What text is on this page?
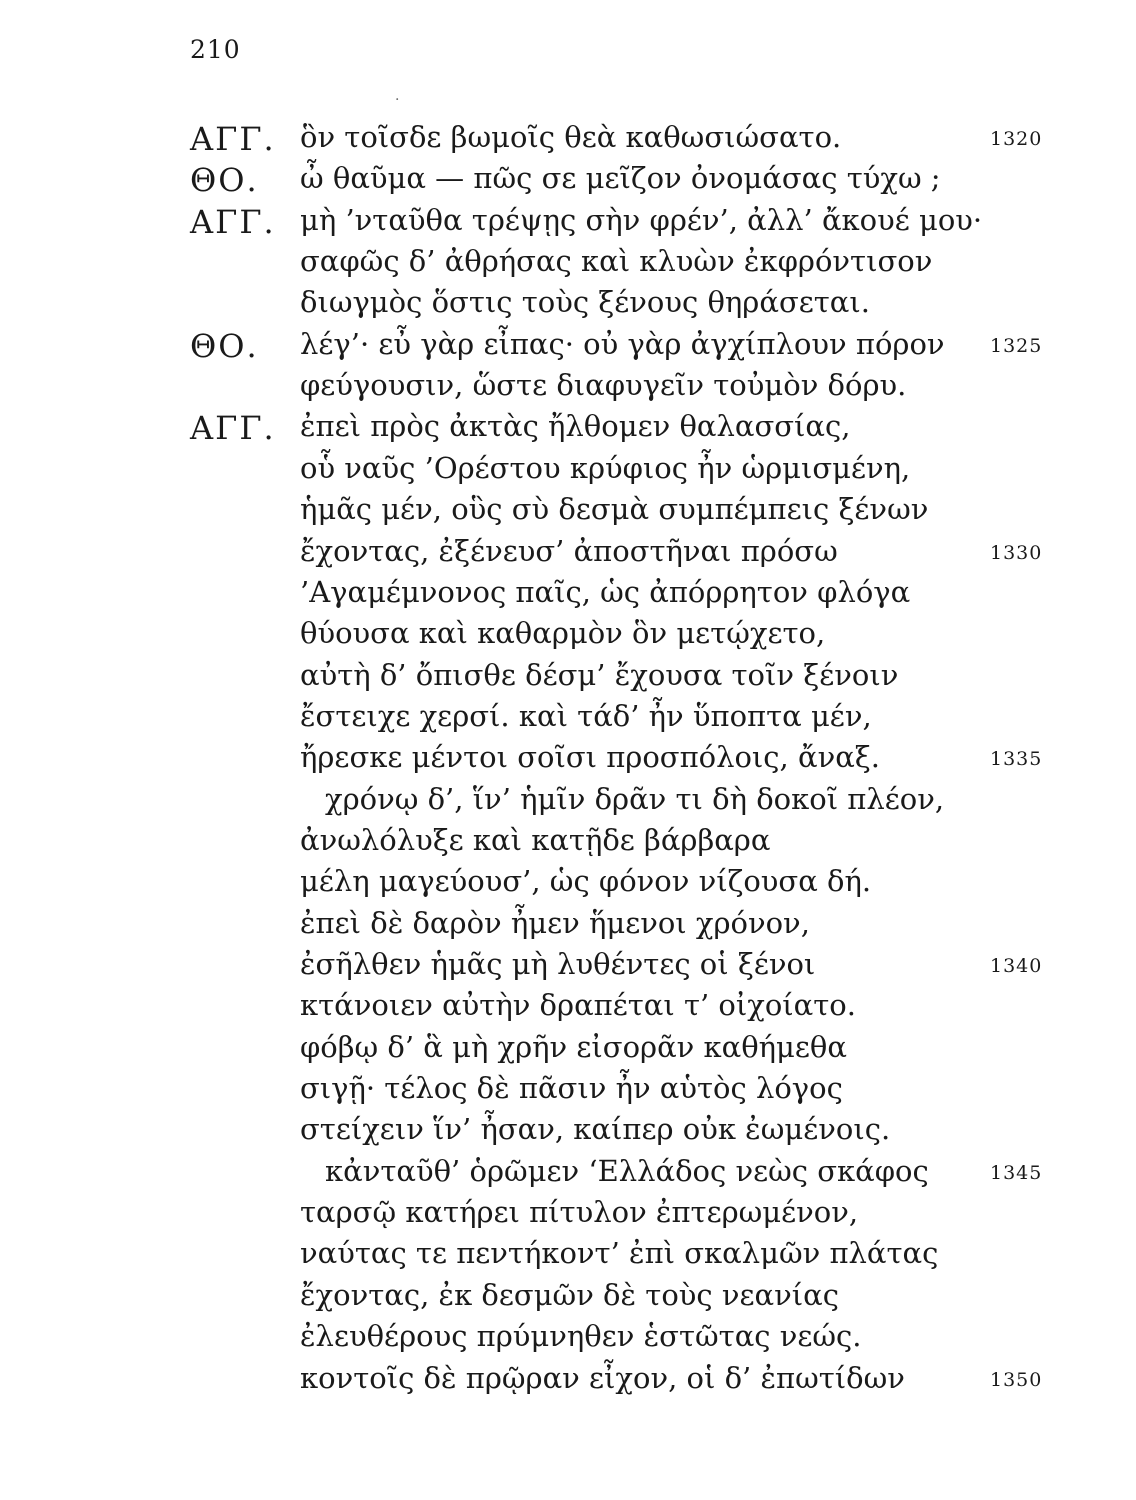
210
·
ΑΓΓ. ὃν τοῖσδε βωμοῖς θεὰ καθωσιώσατο.	1320
ΘΟ. ὦ θαῦμα — πῶς σε μεῖζον ὀνομάσας τύχω ;
ΑΓΓ. μὴ ’νταῦθα τρέψῃς σὴν φρέν’, ἀλλ’ ἄκουέ μου·
σαφῶς δ’ ἀθρήσας καὶ κλυὼν ἐκφρόντισον
διωγμὸς ὅστις τοὺς ξένους θηράσεται.
ΘΟ. λέγ’· εὖ γὰρ εἶπας· οὐ γὰρ ἀγχίπλουν πόρον 1325
φεύγουσιν, ὥστε διαφυγεῖν τοὐμὸν δόρυ.
ΑΓΓ. ἐπεὶ πρὸς ἀκτὰς ἤλθομεν θαλασσίας,
οὗ ναῦς ’Ορέστου κρύφιος ἦν ὡρμισμένη,
ἡμᾶς μέν, οὓς σὺ δεσμὰ συμπέμπεις ξένων
ἔχοντας, ἐξένευσ’ ἀποστῆναι πρόσω	1330
’Αγαμέμνονος παῖς, ὡς ἀπόρρητον φλόγα
θύουσα καὶ καθαρμὸν ὃν μετῴχετο,
αὐτὴ δ’ ὄπισθε δέσμ’ ἔχουσα τοῖν ξένοιν
ἔστειχε χερσί. καὶ τάδ’ ἦν ὕποπτα μέν,
ἤρεσκε μέντοι σοῖσι προσπόλοις, ἄναξ.	1335
χρόνῳ δ’, ἵν’ ἡμῖν δρᾶν τι δὴ δοκοῖ πλέον,
ἀνωλόλυξε καὶ κατῇδε βάρβαρα
μέλη μαγεύουσ’, ὡς φόνον νίζουσα δή.
ἐπεὶ δὲ δαρὸν ἦμεν ἥμενοι χρόνον,
ἐσῆλθεν ἡμᾶς μὴ λυθέντες οἱ ξένοι	1340
κτάνοιεν αὐτὴν δραπέται τ’ οἰχοίατο.
φόβῳ δ’ ἃ μὴ χρῆν εἰσορᾶν καθήμεθα
σιγῇ· τέλος δὲ πᾶσιν ἦν αὑτὸς λόγος
στείχειν ἵν’ ἦσαν, καίπερ οὐκ ἐωμένοις.
κἀνταῦθ’ ὁρῶμεν ‘Ελλάδος νεὼς σκάφος	1345
ταρσῷ κατήρει πίτυλον ἐπτερωμένον,
ναύτας τε πεντήκοντ’ ἐπὶ σκαλμῶν πλάτας
ἔχοντας, ἐκ δεσμῶν δὲ τοὺς νεανίας
ἐλευθέρους πρύμνηθεν ἑστῶτας νεώς.
κοντοῖς δὲ πρῷραν εἶχον, οἱ δ’ ἐπωτίδων	1350
